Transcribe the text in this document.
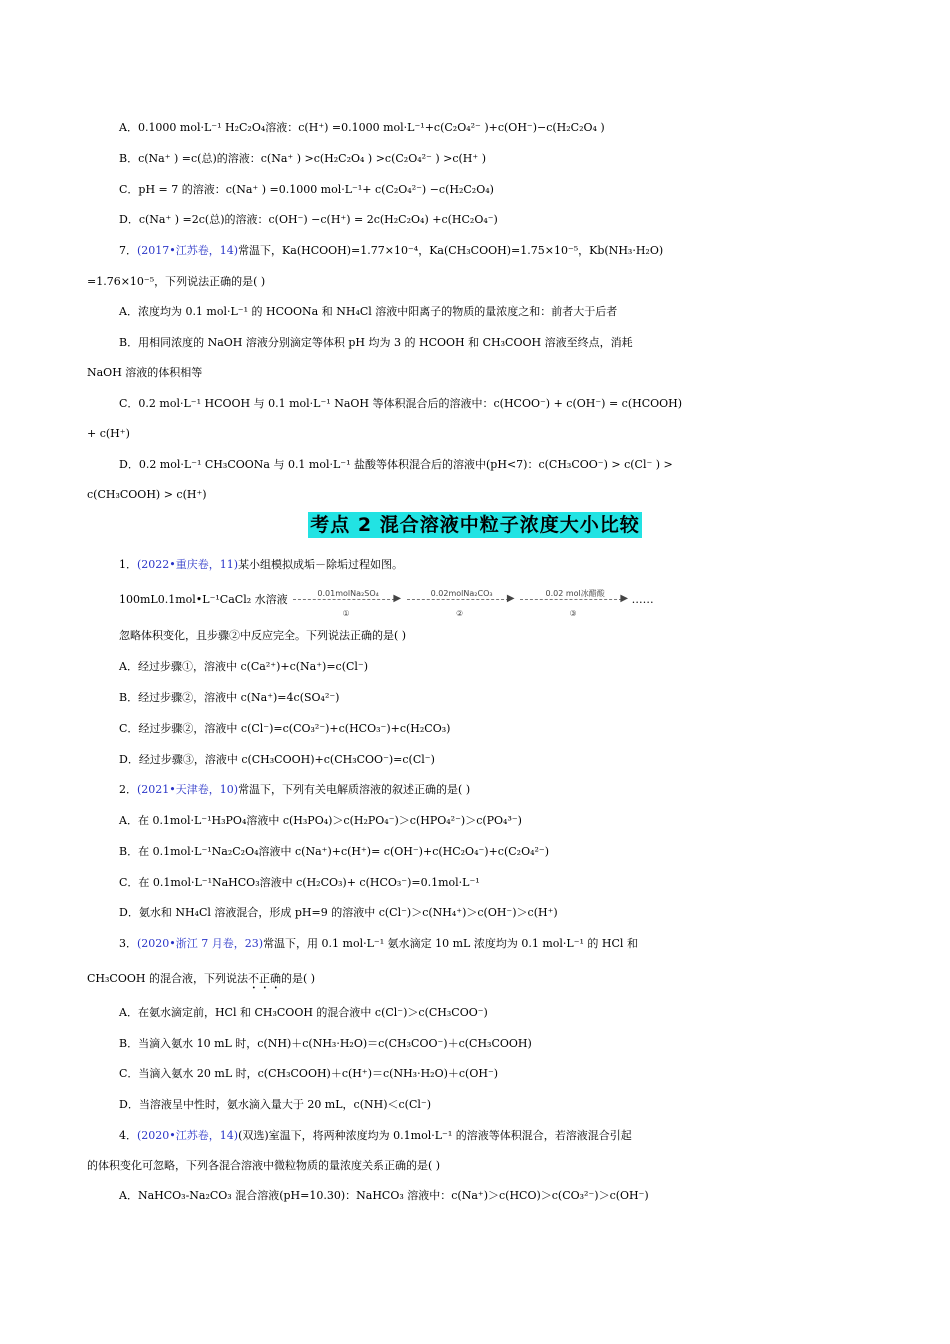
A．0.1000 mol·L⁻¹ H₂C₂O₄溶液：c(H⁺) =0.1000 mol·L⁻¹+c(C₂O₄²⁻ )+c(OH⁻)−c(H₂C₂O₄ )
B．c(Na⁺ ) =c(总)的溶液：c(Na⁺ ) >c(H₂C₂O₄ ) >c(C₂O₄²⁻ ) >c(H⁺ )
C．pH = 7 的溶液：c(Na⁺ ) =0.1000 mol·L⁻¹+ c(C₂O₄²⁻) −c(H₂C₂O₄)
D．c(Na⁺ ) =2c(总)的溶液：c(OH⁻) −c(H⁺) = 2c(H₂C₂O₄) +c(HC₂O₄⁻)
7．(2017•江苏卷，14)常温下，Ka(HCOOH)=1.77×10⁻⁴，Ka(CH₃COOH)=1.75×10⁻⁵，Kb(NH₃·H₂O)
=1.76×10⁻⁵，下列说法正确的是( )
A．浓度均为 0.1 mol·L⁻¹ 的 HCOONa 和 NH₄Cl 溶液中阳离子的物质的量浓度之和：前者大于后者
B．用相同浓度的 NaOH 溶液分别滴定等体积 pH 均为 3 的 HCOOH 和 CH₃COOH 溶液至终点，消耗
NaOH 溶液的体积相等
C．0.2 mol·L⁻¹ HCOOH 与 0.1 mol·L⁻¹ NaOH 等体积混合后的溶液中：c(HCOO⁻) + c(OH⁻) = c(HCOOH)
+ c(H⁺)
D．0.2 mol·L⁻¹ CH₃COONa 与 0.1 mol·L⁻¹ 盐酸等体积混合后的溶液中(pH<7)：c(CH₃COO⁻) > c(Cl⁻ ) >
c(CH₃COOH) > c(H⁺)
考点 2 混合溶液中粒子浓度大小比较
1．(2022•重庆卷，11)某小组模拟成垢－除垢过程如图。
100mL0.1mol•L⁻¹CaCl₂ 水溶液	0.01molNa₂SO₄	▶
①

0.02molNa₂CO₃	▶
②

0.02 mol冰醋酸	▶
③
……
忽略体积变化，且步骤②中反应完全。下列说法正确的是( )
A．经过步骤①，溶液中 c(Ca²⁺)+c(Na⁺)=c(Cl⁻)
B．经过步骤②，溶液中 c(Na⁺)=4c(SO₄²⁻)
C．经过步骤②，溶液中 c(Cl⁻)=c(CO₃²⁻)+c(HCO₃⁻)+c(H₂CO₃)
D．经过步骤③，溶液中 c(CH₃COOH)+c(CH₃COO⁻)=c(Cl⁻)
2．(2021•天津卷，10)常温下，下列有关电解质溶液的叙述正确的是( )
A．在 0.1mol·L⁻¹H₃PO₄溶液中 c(H₃PO₄)＞c(H₂PO₄⁻)＞c(HPO₄²⁻)＞c(PO₄³⁻)
B．在 0.1mol·L⁻¹Na₂C₂O₄溶液中 c(Na⁺)+c(H⁺)= c(OH⁻)+c(HC₂O₄⁻)+c(C₂O₄²⁻)
C．在 0.1mol·L⁻¹NaHCO₃溶液中 c(H₂CO₃)+ c(HCO₃⁻)=0.1mol·L⁻¹
D．氨水和 NH₄Cl 溶液混合，形成 pH=9 的溶液中 c(Cl⁻)＞c(NH₄⁺)＞c(OH⁻)＞c(H⁺)
3．(2020•浙江 7 月卷，23)常温下，用 0.1 mol·L⁻¹ 氨水滴定 10 mL 浓度均为 0.1 mol·L⁻¹ 的 HCl 和
CH₃COOH 的混合液，下列说法不正确的是( )
A．在氨水滴定前，HCl 和 CH₃COOH 的混合液中 c(Cl⁻)＞c(CH₃COO⁻)
B．当滴入氨水 10 mL 时，c(NH)＋c(NH₃·H₂O)＝c(CH₃COO⁻)＋c(CH₃COOH)
C．当滴入氨水 20 mL 时，c(CH₃COOH)＋c(H⁺)＝c(NH₃·H₂O)＋c(OH⁻)
D．当溶液呈中性时，氨水滴入量大于 20 mL，c(NH)＜c(Cl⁻)
4．(2020•江苏卷，14)(双选)室温下，将两种浓度均为 0.1mol·L⁻¹ 的溶液等体积混合，若溶液混合引起
的体积变化可忽略，下列各混合溶液中微粒物质的量浓度关系正确的是( )
A．NaHCO₃-Na₂CO₃ 混合溶液(pH=10.30)：NaHCO₃ 溶液中：c(Na⁺)＞c(HCO)＞c(CO₃²⁻)＞c(OH⁻)
